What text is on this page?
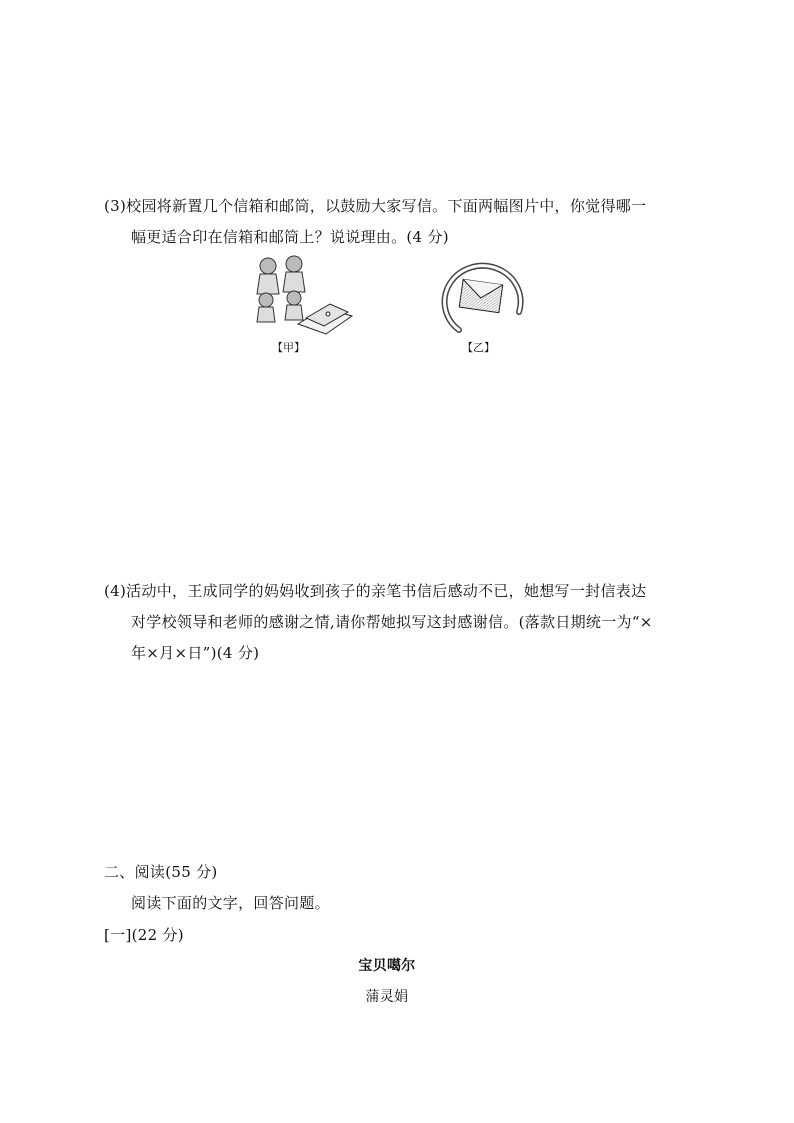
(3)校园将新置几个信箱和邮筒，以鼓励大家写信。下面两幅图片中，你觉得哪一
幅更适合印在信箱和邮筒上？说说理由。(4 分)
【甲】	【乙】
(4)活动中，王成同学的妈妈收到孩子的亲笔书信后感动不已，她想写一封信表达
对学校领导和老师的感谢之情,请你帮她拟写这封感谢信。(落款日期统一为“×
年×月×日”)(4 分)
二、阅读(55 分)
阅读下面的文字，回答问题。
[一](22 分)
宝贝噶尔
蒲灵娟
